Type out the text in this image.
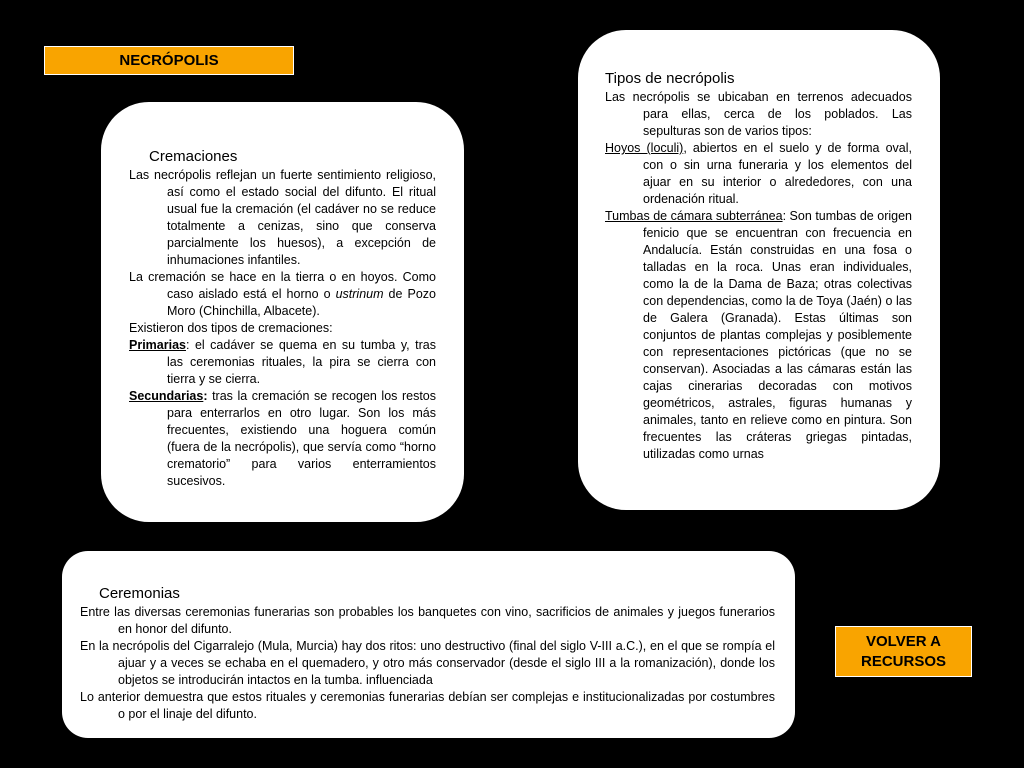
NECRÓPOLIS
Cremaciones

Las necrópolis reflejan un fuerte sentimiento religioso, así como el estado social del difunto. El ritual usual fue la cremación (el cadáver no se reduce totalmente a cenizas, sino que conserva parcialmente los huesos), a excepción de inhumaciones infantiles.

La cremación se hace en la tierra o en hoyos. Como caso aislado está el horno o ustrinum de Pozo Moro (Chinchilla, Albacete).

Existieron dos tipos de cremaciones:

Primarias: el cadáver se quema en su tumba y, tras las ceremonias rituales, la pira se cierra con tierra y se cierra.

Secundarias: tras la cremación se recogen los restos para enterrarlos en otro lugar. Son los más frecuentes, existiendo una hoguera común (fuera de la necrópolis), que servía como “horno crematorio” para varios enterramientos sucesivos.

Tipos de necrópolis

Las necrópolis se ubicaban en terrenos adecuados para ellas, cerca de los poblados. Las sepulturas son de varios tipos:

Hoyos (loculi), abiertos en el suelo y de forma oval, con o sin urna funeraria y los elementos del ajuar en su interior o alrededores, con una ordenación ritual.

Tumbas de cámara subterránea: Son tumbas de origen fenicio que se encuentran con frecuencia en Andalucía. Están construidas en una fosa o talladas en la roca. Unas eran individuales, como la de la Dama de Baza; otras colectivas con dependencias, como la de Toya (Jaén) o las de Galera (Granada). Estas últimas son conjuntos de plantas complejas y posiblemente con representaciones pictóricas (que no se conservan). Asociadas a las cámaras están las cajas cinerarias decoradas con motivos geométricos, astrales, figuras humanas y animales, tanto en relieve como en pintura. Son frecuentes las cráteras griegas pintadas, utilizadas como urnas

Ceremonias

Entre las diversas ceremonias funerarias son probables los banquetes con vino, sacrificios de animales y juegos funerarios en honor del difunto.

En la necrópolis del Cigarralejo (Mula, Murcia) hay dos ritos: uno destructivo (final del siglo V-III a.C.), en el que se rompía el ajuar y a veces se echaba en el quemadero, y otro más conservador (desde el siglo III a la romanización), donde los objetos se introducirán intactos en la tumba. influenciada

Lo anterior demuestra que estos rituales y ceremonias funerarias debían ser complejas e institucionalizadas por costumbres o por el linaje del difunto.

VOLVER A
RECURSOS
